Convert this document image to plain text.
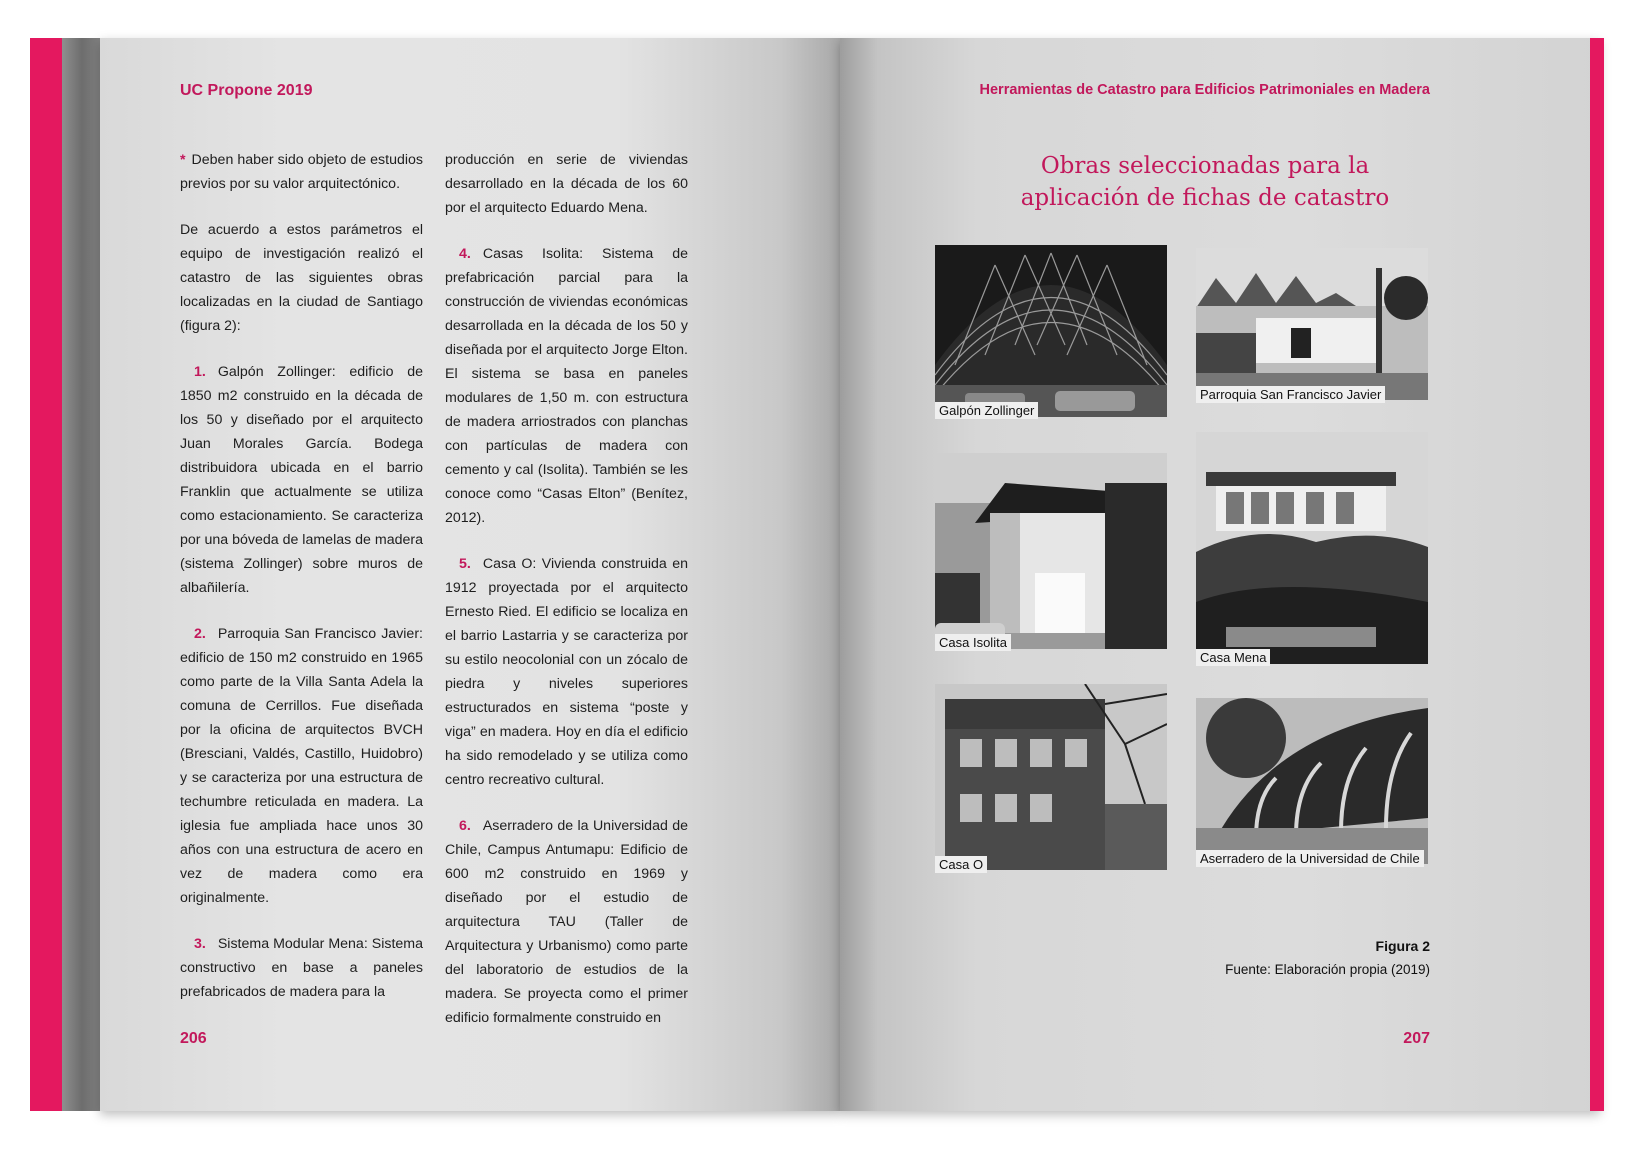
UC Propone 2019

* Deben haber sido objeto de estudios previos por su valor arquitectónico.

De acuerdo a estos parámetros el equipo de investigación realizó el catastro de las siguientes obras localizadas en la ciudad de Santiago (figura 2):

1. Galpón Zollinger: edificio de 1850 m2 construido en la década de los 50 y diseñado por el arquitecto Juan Morales García. Bodega distribuidora ubicada en el barrio Franklin que actualmente se utiliza como estacionamiento. Se caracteriza por una bóveda de lamelas de madera (sistema Zollinger) sobre muros de albañilería.

2. Parroquia San Francisco Javier: edificio de 150 m2 construido en 1965 como parte de la Villa Santa Adela la comuna de Cerrillos. Fue diseñada por la oficina de arquitectos BVCH (Bresciani, Valdés, Castillo, Huidobro) y se caracteriza por una estructura de techumbre reticulada en madera. La iglesia fue ampliada hace unos 30 años con una estructura de acero en vez de madera como era originalmente.

3. Sistema Modular Mena: Sistema constructivo en base a paneles prefabricados de madera para la

producción en serie de viviendas desarrollado en la década de los 60 por el arquitecto Eduardo Mena.

4. Casas Isolita: Sistema de prefabricación parcial para la construcción de viviendas económicas desarrollada en la década de los 50 y diseñada por el arquitecto Jorge Elton. El sistema se basa en paneles modulares de 1,50 m. con estructura de madera arriostrados con planchas con partículas de madera con cemento y cal (Isolita). También se les conoce como “Casas Elton” (Benítez, 2012).

5. Casa O: Vivienda construida en 1912 proyectada por el arquitecto Ernesto Ried. El edificio se localiza en el barrio Lastarria y se caracteriza por su estilo neocolonial con un zócalo de piedra y niveles superiores estructurados en sistema “poste y viga” en madera. Hoy en día el edificio ha sido remodelado y se utiliza como centro recreativo cultural.

6. Aserradero de la Universidad de Chile, Campus Antumapu: Edificio de 600 m2 construido en 1969 y diseñado por el estudio de arquitectura TAU (Taller de Arquitectura y Urbanismo) como parte del laboratorio de estudios de la madera. Se proyecta como el primer edificio formalmente construido en

206
Herramientas de Catastro para Edificios Patrimoniales en Madera
Obras seleccionadas para la aplicación de fichas de catastro
Galpón Zollinger
Parroquia San Francisco Javier
Casa Isolita
Casa Mena
Casa O	Aserradero de la Universidad de Chile
Figura 2
Fuente: Elaboración propia (2019)
207
